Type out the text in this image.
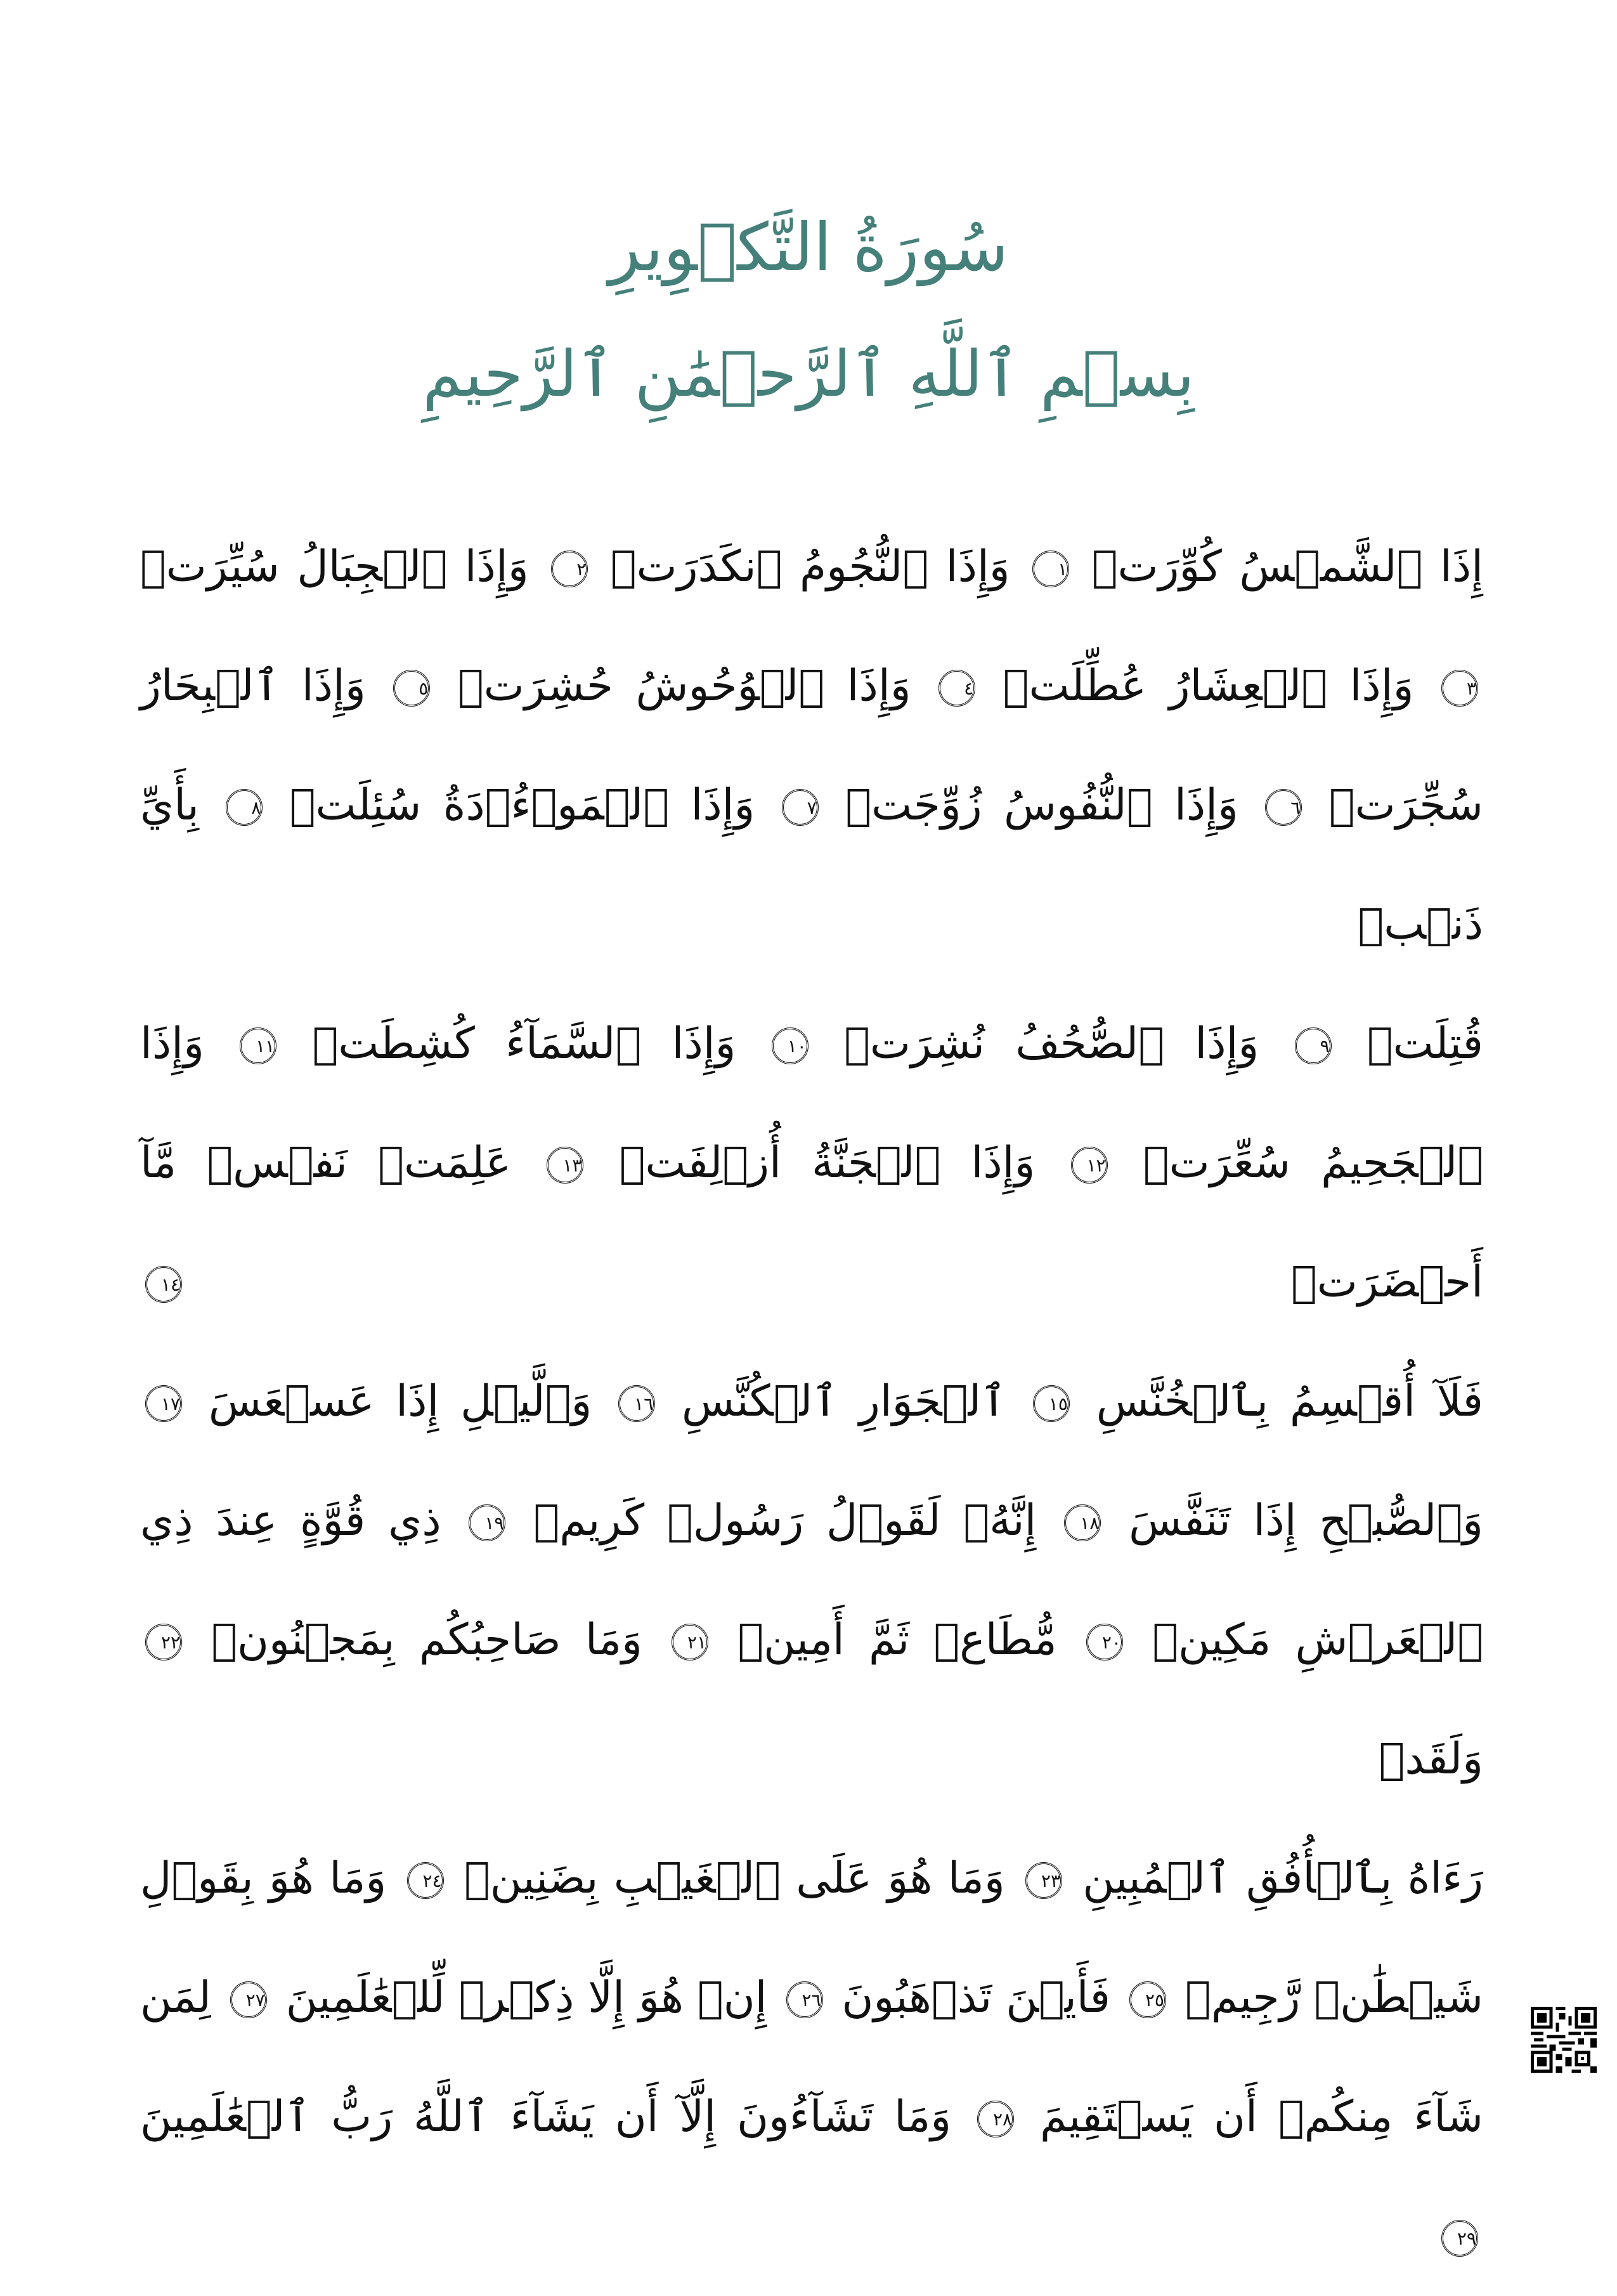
سُورَةُ التَّكۡوِيرِ
بِسۡمِ ٱللَّهِ ٱلرَّحۡمَٰنِ ٱلرَّحِيمِ
إِذَا ٱلشَّمۡسُ كُوِّرَتۡ ١ وَإِذَا ٱلنُّجُومُ ٱنكَدَرَتۡ ٢ وَإِذَا ٱلۡجِبَالُ سُيِّرَتۡ
٣ وَإِذَا ٱلۡعِشَارُ عُطِّلَتۡ ٤ وَإِذَا ٱلۡوُحُوشُ حُشِرَتۡ ٥ وَإِذَا ٱلۡبِحَارُ
سُجِّرَتۡ ٦ وَإِذَا ٱلنُّفُوسُ زُوِّجَتۡ ٧ وَإِذَا ٱلۡمَوۡءُۥدَةُ سُئِلَتۡ ٨ بِأَيِّ ذَنۢبٖ
قُتِلَتۡ ٩ وَإِذَا ٱلصُّحُفُ نُشِرَتۡ ١٠ وَإِذَا ٱلسَّمَآءُ كُشِطَتۡ ١١ وَإِذَا
ٱلۡجَحِيمُ سُعِّرَتۡ ١٢ وَإِذَا ٱلۡجَنَّةُ أُزۡلِفَتۡ ١٣ عَلِمَتۡ نَفۡسٞ مَّآ أَحۡضَرَتۡ ١٤
فَلَآ أُقۡسِمُ بِٱلۡخُنَّسِ ١٥ ٱلۡجَوَارِ ٱلۡكُنَّسِ ١٦ وَٱلَّيۡلِ إِذَا عَسۡعَسَ ١٧
وَٱلصُّبۡحِ إِذَا تَنَفَّسَ ١٨ إِنَّهُۥ لَقَوۡلُ رَسُولٖ كَرِيمٖ ١٩ ذِي قُوَّةٍ عِندَ ذِي
ٱلۡعَرۡشِ مَكِينٖ ٢٠ مُّطَاعٖ ثَمَّ أَمِينٖ ٢١ وَمَا صَاحِبُكُم بِمَجۡنُونٖ ٢٢ وَلَقَدۡ
رَءَاهُ بِٱلۡأُفُقِ ٱلۡمُبِينِ ٢٣ وَمَا هُوَ عَلَى ٱلۡغَيۡبِ بِضَنِينٖ ٢٤ وَمَا هُوَ بِقَوۡلِ
شَيۡطَٰنٖ رَّجِيمٖ ٢٥ فَأَيۡنَ تَذۡهَبُونَ ٢٦ إِنۡ هُوَ إِلَّا ذِكۡرٞ لِّلۡعَٰلَمِينَ ٢٧ لِمَن
شَآءَ مِنكُمۡ أَن يَسۡتَقِيمَ ٢٨ وَمَا تَشَآءُونَ إِلَّآ أَن يَشَآءَ ٱللَّهُ رَبُّ ٱلۡعَٰلَمِينَ
٢٩
